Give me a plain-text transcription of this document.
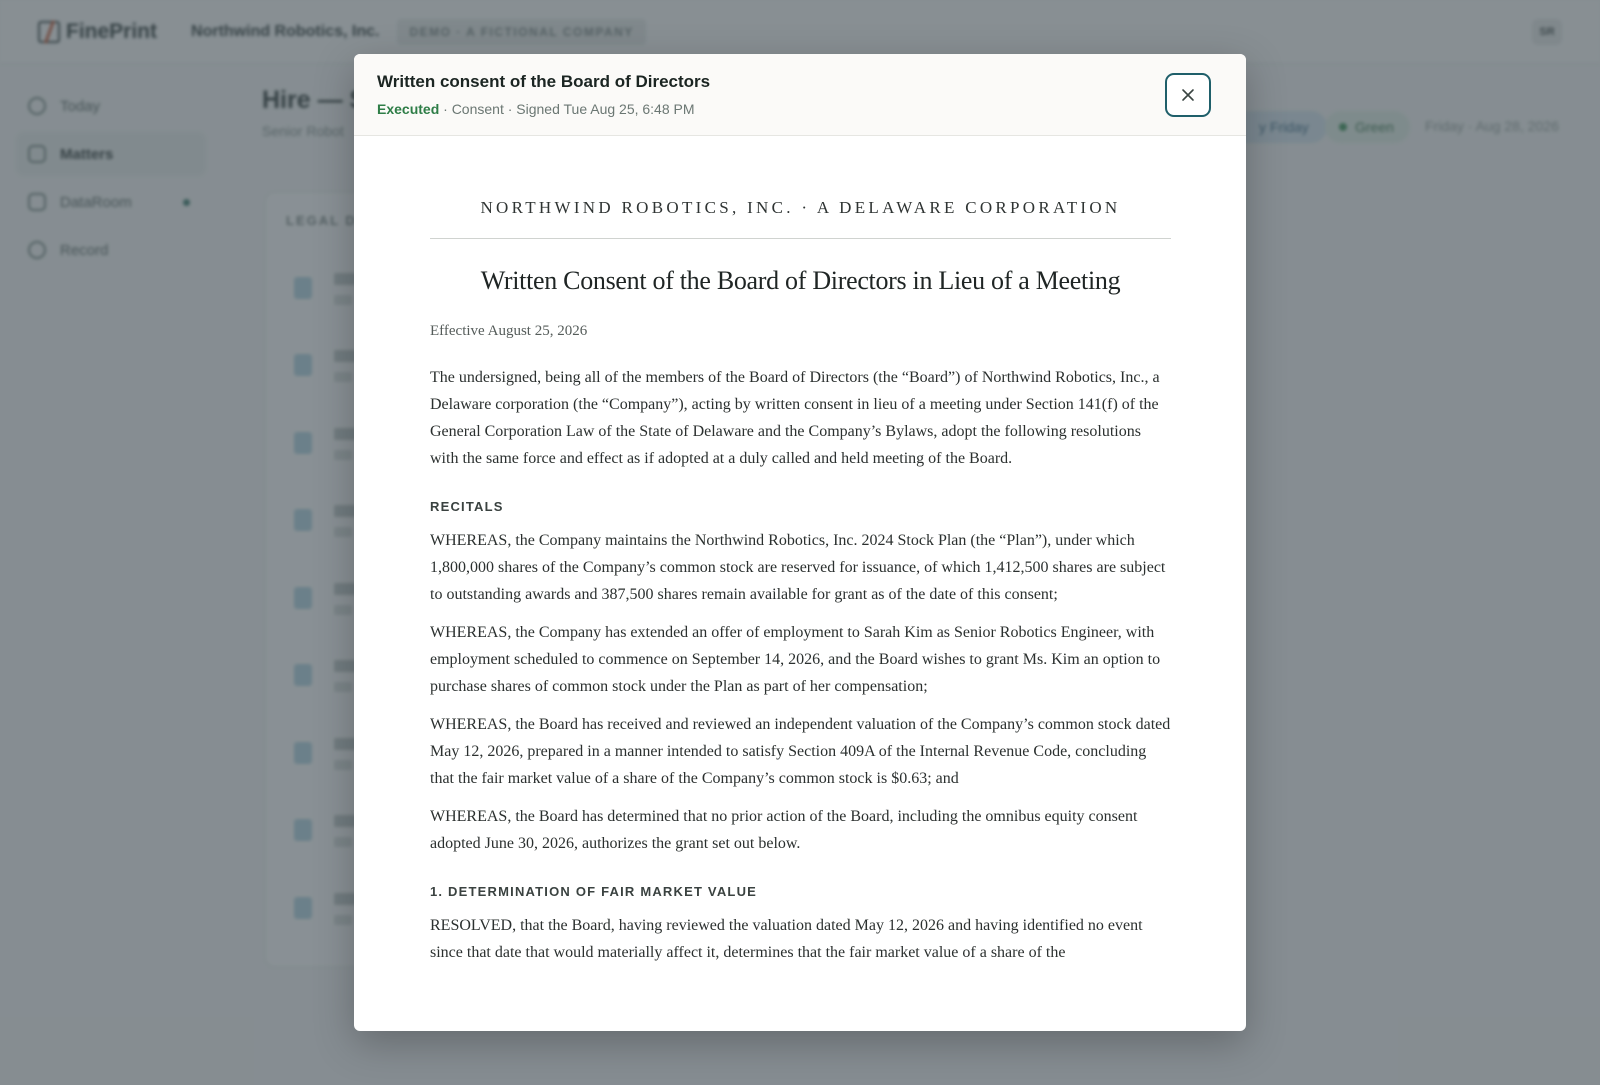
Written consent of the Board of Directors
Executed · Consent · Signed Tue Aug 25, 6:48 PM
NORTHWIND ROBOTICS, INC. · A DELAWARE CORPORATION
Written Consent of the Board of Directors in Lieu of a Meeting
Effective August 25, 2026

The undersigned, being all of the members of the Board of Directors (the “Board”) of Northwind Robotics, Inc., a Delaware corporation (the “Company”), acting by written consent in lieu of a meeting under Section 141(f) of the General Corporation Law of the State of Delaware and the Company’s Bylaws, adopt the following resolutions with the same force and effect as if adopted at a duly called and held meeting of the Board.

RECITALS

WHEREAS, the Company maintains the Northwind Robotics, Inc. 2024 Stock Plan (the “Plan”), under which 1,800,000 shares of the Company’s common stock are reserved for issuance, of which 1,412,500 shares are subject to outstanding awards and 387,500 shares remain available for grant as of the date of this consent;

WHEREAS, the Company has extended an offer of employment to Sarah Kim as Senior Robotics Engineer, with employment scheduled to commence on September 14, 2026, and the Board wishes to grant Ms. Kim an option to purchase shares of common stock under the Plan as part of her compensation;

WHEREAS, the Board has received and reviewed an independent valuation of the Company’s common stock dated May 12, 2026, prepared in a manner intended to satisfy Section 409A of the Internal Revenue Code, concluding that the fair market value of a share of the Company’s common stock is $0.63; and

WHEREAS, the Board has determined that no prior action of the Board, including the omnibus equity consent adopted June 30, 2026, authorizes the grant set out below.

1. DETERMINATION OF FAIR MARKET VALUE

RESOLVED, that the Board, having reviewed the valuation dated May 12, 2026 and having identified no event since that date that would materially affect it, determines that the fair market value of a share of the
